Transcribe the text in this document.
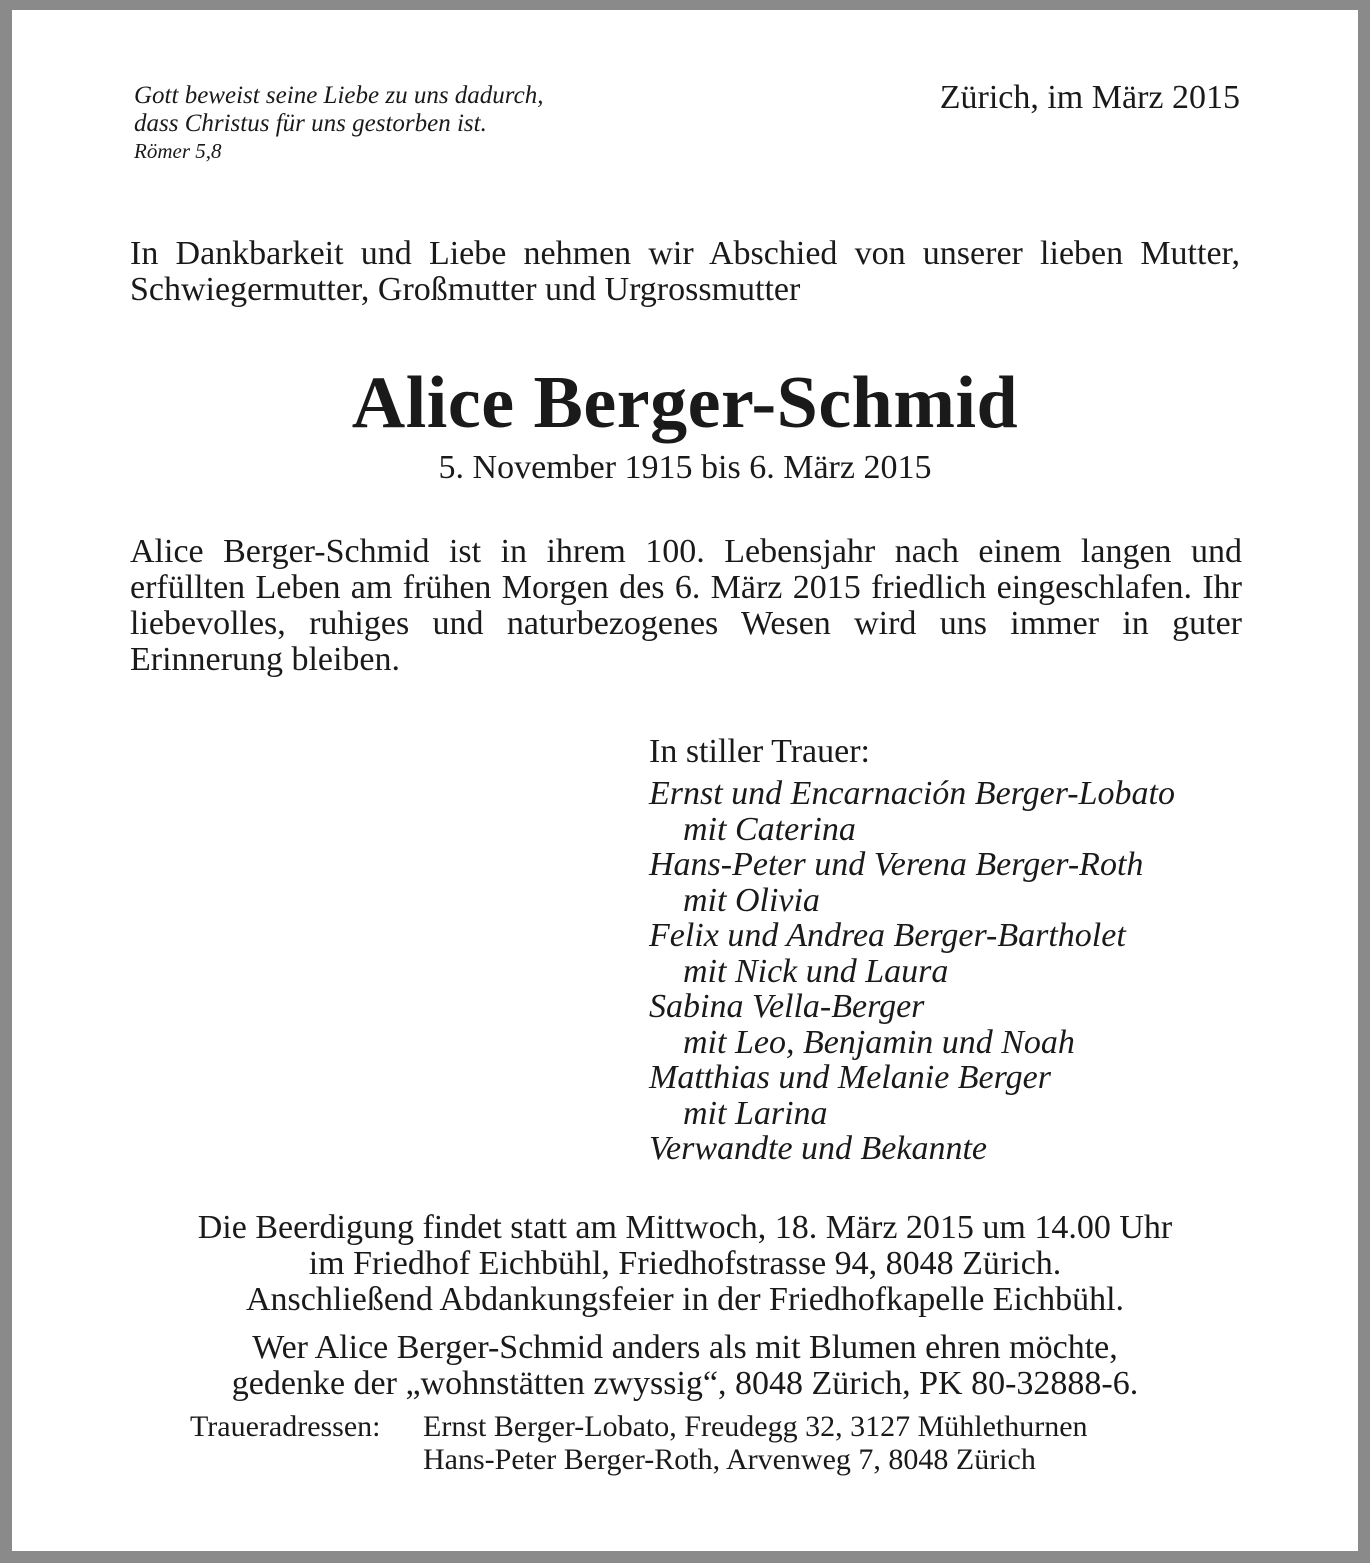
Gott beweist seine Liebe zu uns dadurch,
dass Christus für uns gestorben ist.
Römer 5,8
Zürich, im März 2015

In Dankbarkeit und Liebe nehmen wir Abschied von unserer lieben Mutter, Schwiegermutter, Großmutter und Urgrossmutter

Alice Berger-Schmid
5. November 1915 bis 6. März 2015

Alice Berger-Schmid ist in ihrem 100. Lebensjahr nach einem langen und erfüllten Leben am frühen Morgen des 6. März 2015 friedlich eingeschlafen. Ihr liebevolles, ruhiges und naturbezogenes Wesen wird uns immer in guter Erinnerung bleiben.

In stiller Trauer:
Ernst und Encarnación Berger-Lobato
mit Caterina
Hans-Peter und Verena Berger-Roth
mit Olivia
Felix und Andrea Berger-Bartholet
mit Nick und Laura
Sabina Vella-Berger
mit Leo, Benjamin und Noah
Matthias und Melanie Berger
mit Larina
Verwandte und Bekannte
Die Beerdigung findet statt am Mittwoch, 18. März 2015 um 14.00 Uhr
im Friedhof Eichbühl, Friedhofstrasse 94, 8048 Zürich.
Anschließend Abdankungsfeier in der Friedhofkapelle Eichbühl.
Wer Alice Berger-Schmid anders als mit Blumen ehren möchte,
gedenke der „wohnstätten zwyssig“, 8048 Zürich, PK 80-32888-6.
Traueradressen:	Ernst Berger-Lobato, Freudegg 32, 3127 Mühlethurnen
Hans-Peter Berger-Roth, Arvenweg 7, 8048 Zürich
